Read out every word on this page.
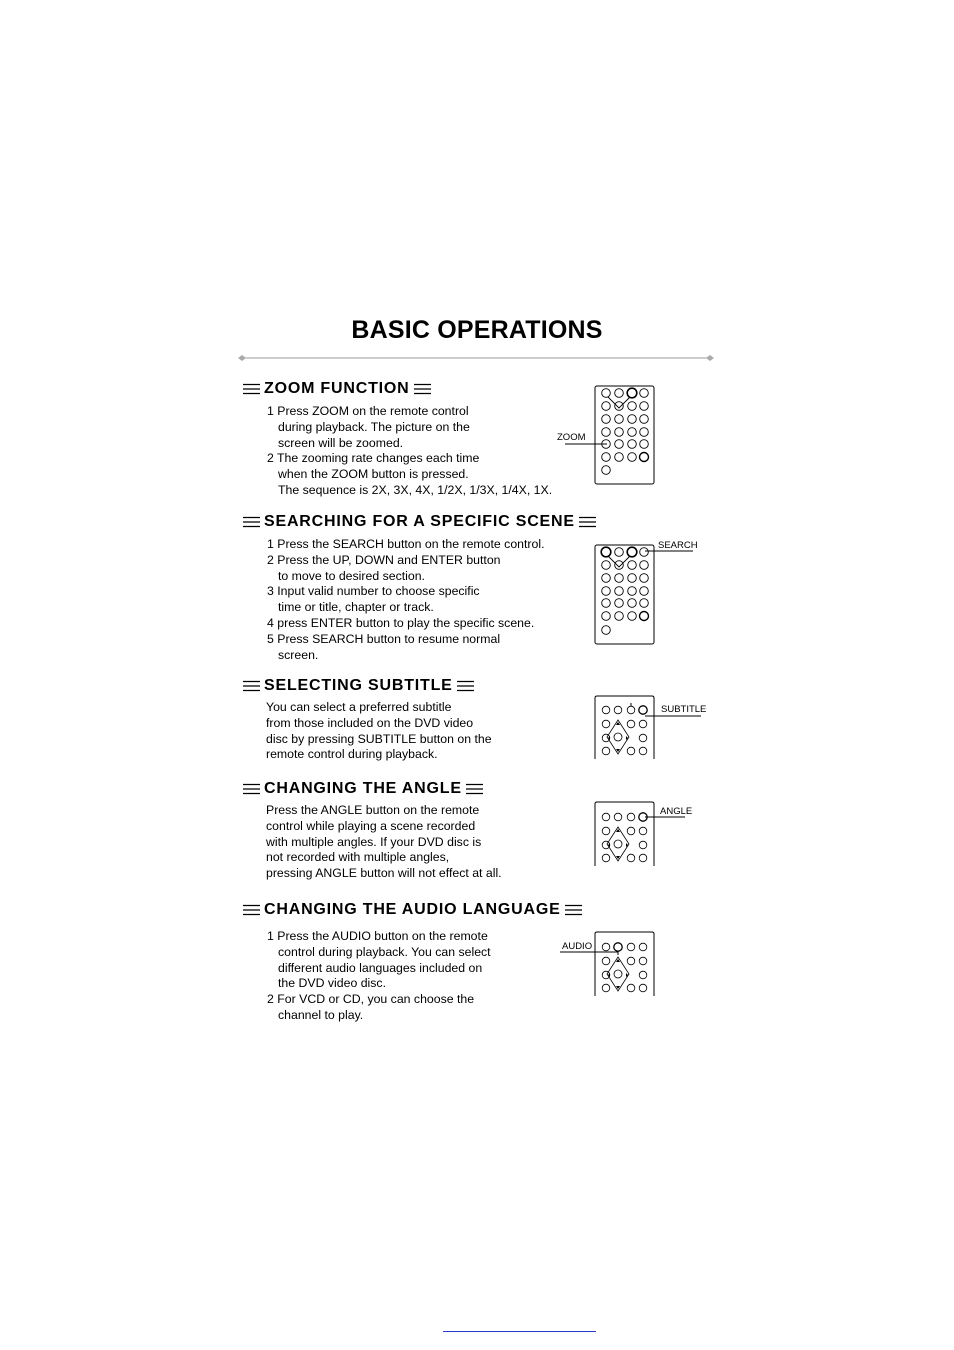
BASIC OPERATIONS
ZOOM FUNCTION
1 Press ZOOM on the remote control
during playback. The picture on the
screen will be zoomed.
2 The zooming rate changes each time
when the ZOOM button is pressed.
The sequence is 2X, 3X, 4X, 1/2X, 1/3X, 1/4X, 1X.
ZOOM
SEARCHING FOR A SPECIFIC SCENE
1 Press the SEARCH button on the remote control.
2 Press the UP, DOWN and ENTER button
to move to desired section.
3 Input valid number to choose specific
time or title, chapter or track.
4 press ENTER button to play the specific scene.
5 Press SEARCH button to resume normal
screen.
SEARCH
SELECTING SUBTITLE
You can select a preferred subtitle
from those included on the DVD video
disc by pressing SUBTITLE button on the
remote control during playback.
SUBTITLE
CHANGING THE ANGLE
Press the ANGLE button on the remote
control while playing a scene recorded
with multiple angles. If your DVD disc is
not recorded with multiple angles,
pressing ANGLE button will not effect at all.
ANGLE
CHANGING THE AUDIO LANGUAGE
1 Press the AUDIO button on the remote
control during playback. You can select
different audio languages included on
the DVD video disc.
2 For VCD or CD, you can choose the
channel to play.
AUDIO
